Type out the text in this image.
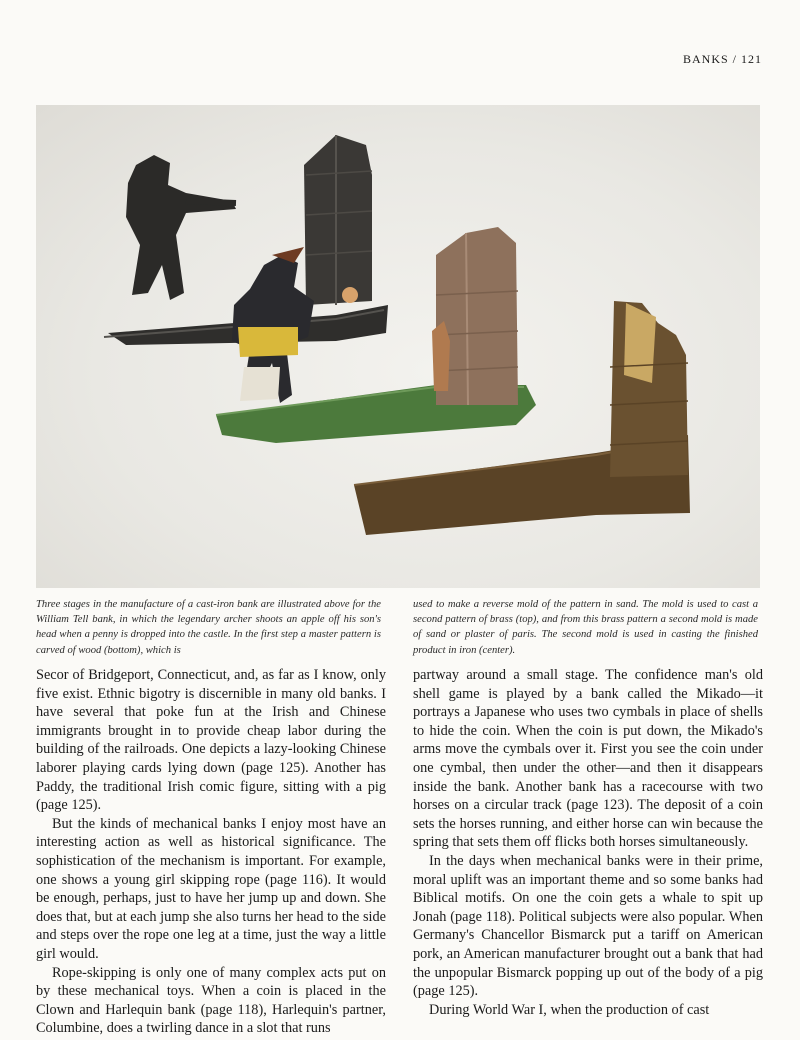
BANKS / 121
Three stages in the manufacture of a cast-iron bank are illustrated above for the William Tell bank, in which the legendary archer shoots an apple off his son's head when a penny is dropped into the castle. In the first step a master pattern is carved of wood (bottom), which is
used to make a reverse mold of the pattern in sand. The mold is used to cast a second pattern of brass (top), and from this brass pattern a second mold is made of sand or plaster of paris. The second mold is used in casting the finished product in iron (center).

Secor of Bridgeport, Connecticut, and, as far as I know, only five exist. Ethnic bigotry is discernible in many old banks. I have several that poke fun at the Irish and Chinese immigrants brought in to provide cheap labor during the building of the railroads. One depicts a lazy-looking Chinese laborer playing cards lying down (page 125). Another has Paddy, the traditional Irish comic figure, sitting with a pig (page 125).

But the kinds of mechanical banks I enjoy most have an interesting action as well as historical significance. The sophistication of the mechanism is important. For example, one shows a young girl skipping rope (page 116). It would be enough, perhaps, just to have her jump up and down. She does that, but at each jump she also turns her head to the side and steps over the rope one leg at a time, just the way a little girl would.

Rope-skipping is only one of many complex acts put on by these mechanical toys. When a coin is placed in the Clown and Harlequin bank (page 118), Harlequin's partner, Columbine, does a twirling dance in a slot that runs

partway around a small stage. The confidence man's old shell game is played by a bank called the Mikado—it portrays a Japanese who uses two cymbals in place of shells to hide the coin. When the coin is put down, the Mikado's arms move the cymbals over it. First you see the coin under one cymbal, then under the other—and then it disappears inside the bank. Another bank has a racecourse with two horses on a circular track (page 123). The deposit of a coin sets the horses running, and either horse can win because the spring that sets them off flicks both horses simultaneously.

In the days when mechanical banks were in their prime, moral uplift was an important theme and so some banks had Biblical motifs. On one the coin gets a whale to spit up Jonah (page 118). Political subjects were also popular. When Germany's Chancellor Bismarck put a tariff on American pork, an American manufacturer brought out a bank that had the unpopular Bismarck popping up out of the body of a pig (page 125).

During World War I, when the production of cast
